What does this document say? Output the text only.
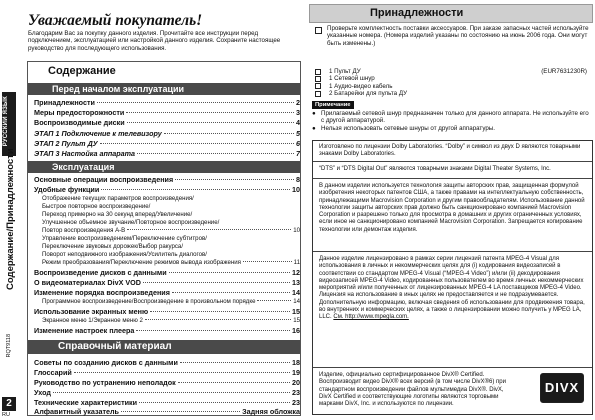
РУССКИЙ ЯЗЫК
Содержание/Принадлежности
RQT9118
2
RU
Уважаемый покупатель!
Благодарим Вас за покупку данного изделия. Прочитайте все инструкции перед подключением, эксплуатацией или настройкой данного изделия. Сохраните настоящее руководство для последующего использования.
Содержание
Перед началом эксплуатации
Принадлежности	2
Меры предосторожности	3
Воспроизводимые диски	4
ЭТАП 1 Подключение к телевизору	5
ЭТАП 2 Пульт ДУ	6
ЭТАП 3 Настойка аппарата	7
Эксплуатация
Основные операции воспроизведения	8
Удобные функции	10
Отображение текущих параметров воспроизведения/
Быстрое повторное воспроизведение/
Переход примерно на 30 секунд вперед/Увеличение/
Улучшенное объемное звучание/Повторное воспроизведение/
Повтор воспроизведения А-В	10
Управление воспроизведением/Переключение субтитров/
Переключение звуковых дорожек/Выбор ракурса/
Поворот неподвижного изображения/Усилитель диалогов/
Режим преобразования/Переключение режимов вывода изображения	11
Воспроизведение дисков с данными	12
О видеоматериалах DivX VOD	13
Изменение порядка воспроизведения	14
Программное воспроизведение/Воспроизведение в произвольном порядке	14
Использование экранных меню	15
Экранное меню 1/Экранное меню 2	15
Изменение настроек плеера	16
Справочный материал
Советы по созданию дисков с данными	18
Глоссарий	19
Руководство по устранению неполадок	20
Уход	23
Технические характеристики	23
Алфавитный указатель	Задняя обложка
Принадлежности
Проверьте комплектность поставки аксессуаров. При заказе запасных частей используйте указанные номера. (Номера изделий указаны по состоянию на июнь 2006 года. Они могут быть изменены.)
1 Пульт ДУ
1 Сетевой шнур
1 Аудио-видео кабель
2 Батарейки для пульта ДУ
(EUR7631230R)
Примечание
● Прилагаемый сетевой шнур предназначен только для данного аппарата. Не используйте его с другой аппаратурой.
● Нельзя использовать сетевые шнуры от другой аппаратуры.
Изготовлено по лицензии Dolby Laboratories. “Dolby” и символ из двух D являются товарными знаками Dolby Laboratories.
“DTS” и “DTS Digital Out” являются товарными знаками Digital Theater Systems, Inc.
В данном изделии используется технология защиты авторских прав, защищенная формулой изобретения некоторых патентов США, а также правами на интеллектуальную собственность, принадлежащими Macrovision Corporation и другим правообладателям. Использование данной технологии защиты авторских прав должно быть санкционировано компанией Macrovision Corporation и разрешено только для просмотра в домашних и других ограниченных условиях, если иное не санкционировано компанией Macrovision Corporation. Запрещается копирование технологии или демонтаж изделия.
Данное изделие лицензировано в рамках серии лицензий патента MPEG-4 Visual для использования в личных и некоммерческих целях для (i) кодирования видеозаписей в соответствии со стандартом MPEG-4 Visual (“MPEG-4 Video”) и/или (ii) декодирования видеозаписей MPEG-4 Video, кодированных пользователем во время личных некоммерческих мероприятий и/или полученных от лицензированных MPEG-4 LA поставщиков MPEG-4 Video. Лицензия на использование в иных целях не предоставляется и не подразумевается. Дополнительную информацию, включая сведения об использовании для продвижения товара, во внутренних и коммерческих целях, а также о лицензировании можно получить у MPEG LA, LLC. См. http://www.mpegla.com.
Изделие, официально сертифицированное DivX® Certified. Воспроизводит видео DivX® всех версий (в том числе DivX®6) при стандартном воспроизведении файлов мультимедиа DivX®. DivX, DivX Certified и соответствующие логотипы являются торговыми марками DivX, Inc. и используются по лицензии.
DIVX
